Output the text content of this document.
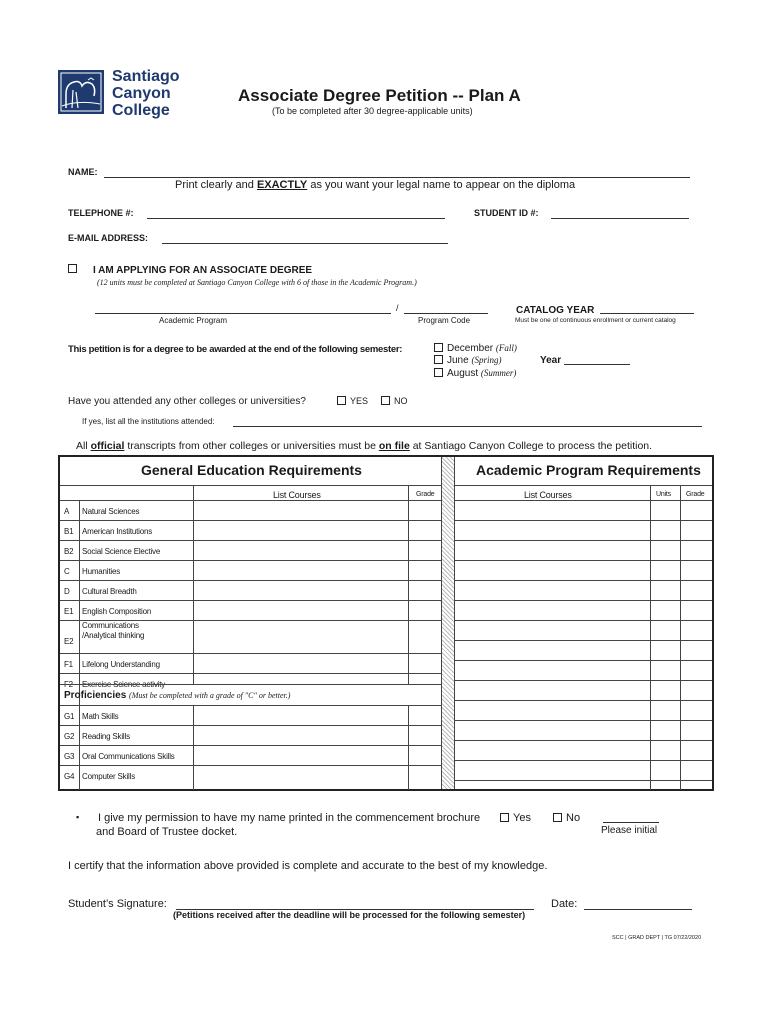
Santiago
Canyon
College
Associate Degree Petition -- Plan A
(To be completed after 30 degree-applicable units)
NAME:
Print clearly and EXACTLY as you want your legal name to appear on the diploma
TELEPHONE #:	STUDENT ID #:
E-MAIL ADDRESS:
I AM APPLYING FOR AN ASSOCIATE DEGREE
(12 units must be completed at Santiago Canyon College with 6 of those in the Academic Program.)
/
Academic Program	Program Code
CATALOG YEAR
Must be one of continuous enrollment or current catalog
This petition is for a degree to be awarded at the end of the following semester:	December (Fall)
June (Spring)
August (Summer)
Year
Have you attended any other colleges or universities?	YES	NO
If yes, list all the institutions attended:
All official transcripts from other colleges or universities must be on file at Santiago Canyon College to process the petition.
General Education Requirements	Academic Program Requirements
List Courses	Grade	List Courses	Units Grade
A Natural Sciences
B1 American Institutions
B2 Social Science Elective
C Humanities
D Cultural Breadth
E1 English Composition
E2
Communications /Analytical thinking
F1 Lifelong Understanding
F2 Exercise Science activity
Proficiencies (Must be completed with a grade of "C" or better.)
G1 Math Skills
G2 Reading Skills
G3 Oral Communications Skills
G4 Computer Skills
▪ I give my permission to have my name printed in the commencement brochure
and Board of Trustee docket.
Yes	No
Please initial
I certify that the information above provided is complete and accurate to the best of my knowledge.
Student’s Signature:	Date:
(Petitions received after the deadline will be processed for the following semester)
SCC | GRAD DEPT | TG 07/22/2020
